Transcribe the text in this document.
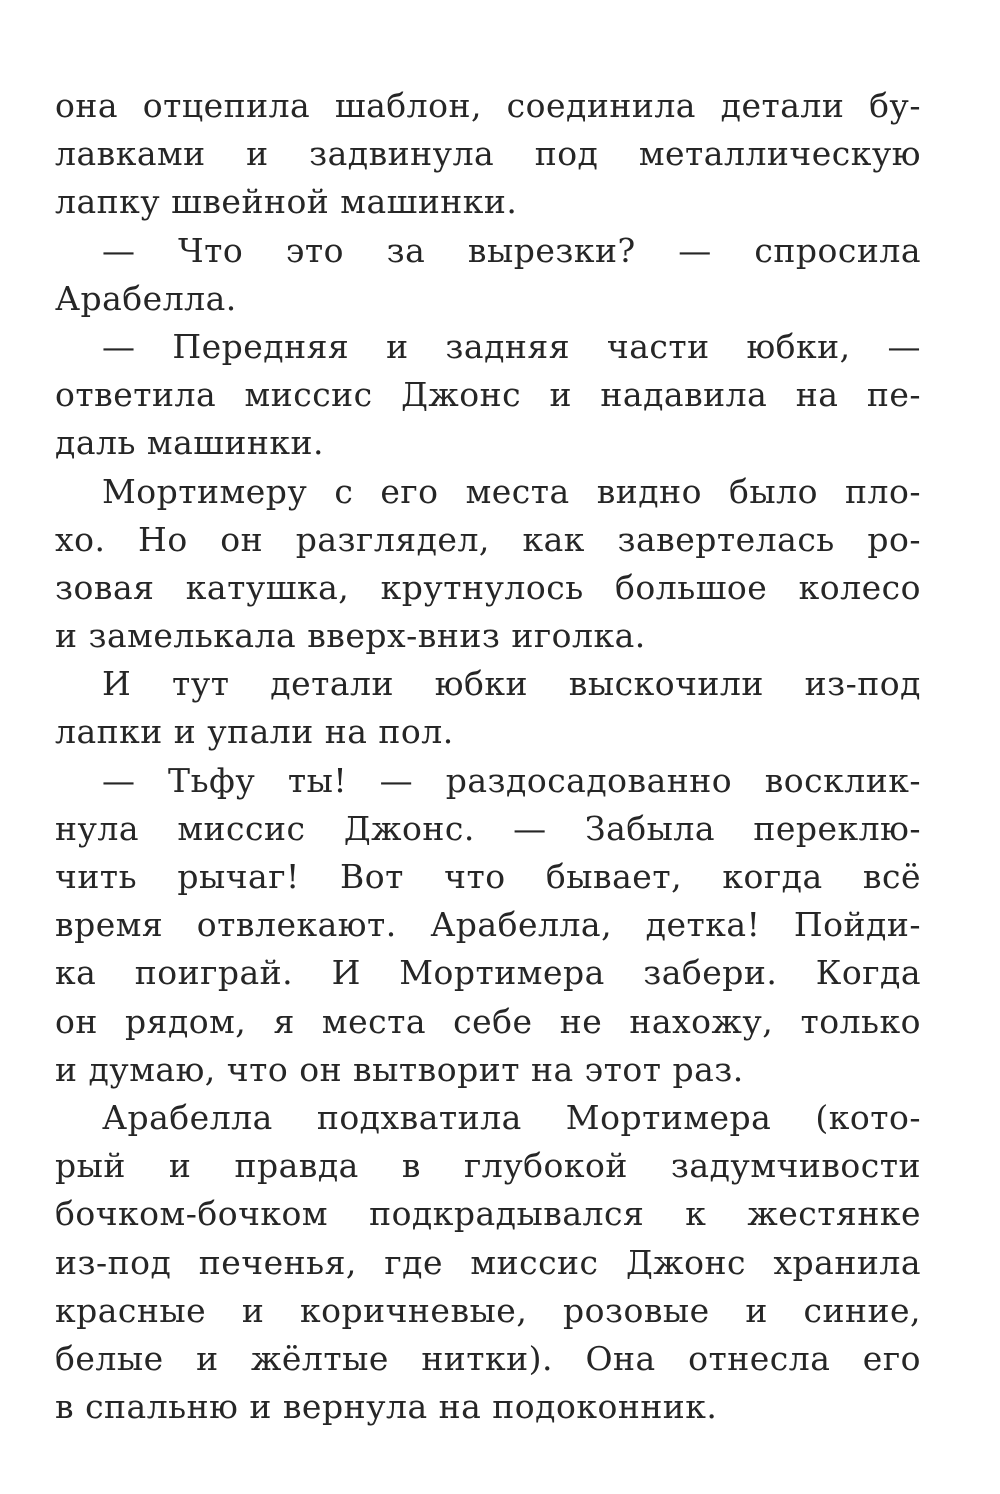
она отцепила шаблон, соединила детали бу-
лавками и задвинула под металлическую
лапку швейной машинки.
— Что это за вырезки? — спросила
Арабелла.
— Передняя и задняя части юбки, —
ответила миссис Джонс и надавила на пе-
даль машинки.
Мортимеру с его места видно было пло-
хо. Но он разглядел, как завертелась ро-
зовая катушка, крутнулось большое колесо
и замелькала вверх-вниз иголка.
И тут детали юбки выскочили из-под
лапки и упали на пол.
— Тьфу ты! — раздосадованно восклик-
нула миссис Джонс. — Забыла переклю-
чить рычаг! Вот что бывает, когда всё
время отвлекают. Арабелла, детка! Пойди-
ка поиграй. И Мортимера забери. Когда
он рядом, я места себе не нахожу, только
и думаю, что он вытворит на этот раз.
Арабелла подхватила Мортимера (кото-
рый и правда в глубокой задумчивости
бочком-бочком подкрадывался к жестянке
из-под печенья, где миссис Джонс хранила
красные и коричневые, розовые и синие,
белые и жёлтые нитки). Она отнесла его
в спальню и вернула на подоконник.
